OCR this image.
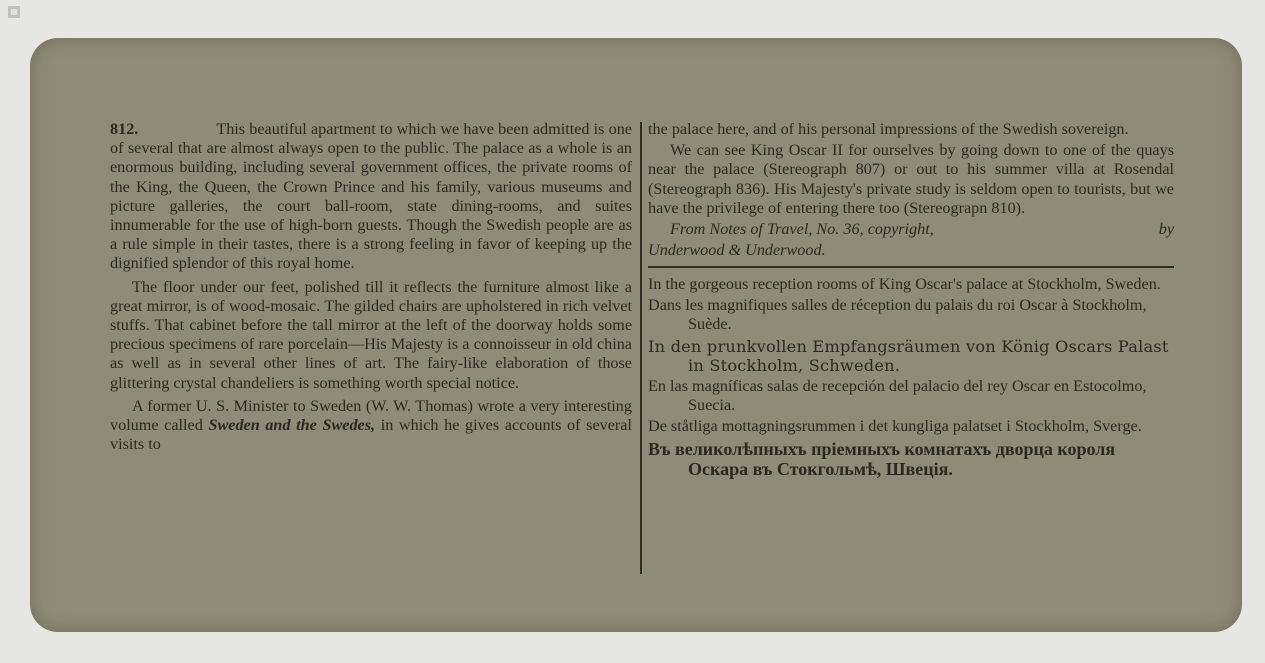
▦

812.	This beautiful apartment to which we have been admitted is one of several that are almost always open to the public. The palace as a whole is an enormous building, including several government offices, the private rooms of the King, the Queen, the Crown Prince and his family, various museums and picture galleries, the court ball-room, state dining-rooms, and suites innumerable for the use of high-born guests. Though the Swedish people are as a rule simple in their tastes, there is a strong feeling in favor of keeping up the dignified splendor of this royal home.

The floor under our feet, polished till it reflects the furniture almost like a great mirror, is of wood-mosaic. The gilded chairs are upholstered in rich velvet stuffs. That cabinet before the tall mirror at the left of the doorway holds some precious specimens of rare porcelain—His Majesty is a connoisseur in old china as well as in several other lines of art. The fairy-like elaboration of those glittering crystal chandeliers is something worth special notice.

A former U. S. Minister to Sweden (W. W. Thomas) wrote a very interesting volume called Sweden and the Swedes, in which he gives accounts of several visits to

the palace here, and of his personal impressions of the Swedish sovereign.

We can see King Oscar II for ourselves by going down to one of the quays near the palace (Stereograph 807) or out to his summer villa at Rosendal (Stereograph 836). His Majesty's private study is seldom open to tourists, but we have the privilege of entering there too (Stereograpn 810).

by
From Notes of Travel, No. 36, copyright,

Underwood & Underwood.

In the gorgeous reception rooms of King Oscar's palace at Stockholm, Sweden.

Dans les magnifiques salles de réception du palais du roi Oscar à Stockholm, Suède.

In den prunkvollen Empfangsräumen von König Oscars Palast in Stockholm, Schweden.

En las magníficas salas de recepción del palacio del rey Oscar en Estocolmo, Suecia.

De ståtliga mottagningsrummen i det kungliga palatset i Stockholm, Sverge.

Въ великолѣпныхъ пріемныхъ комнатахъ дворца короля Оскара въ Стокгольмѣ, Швеція.
